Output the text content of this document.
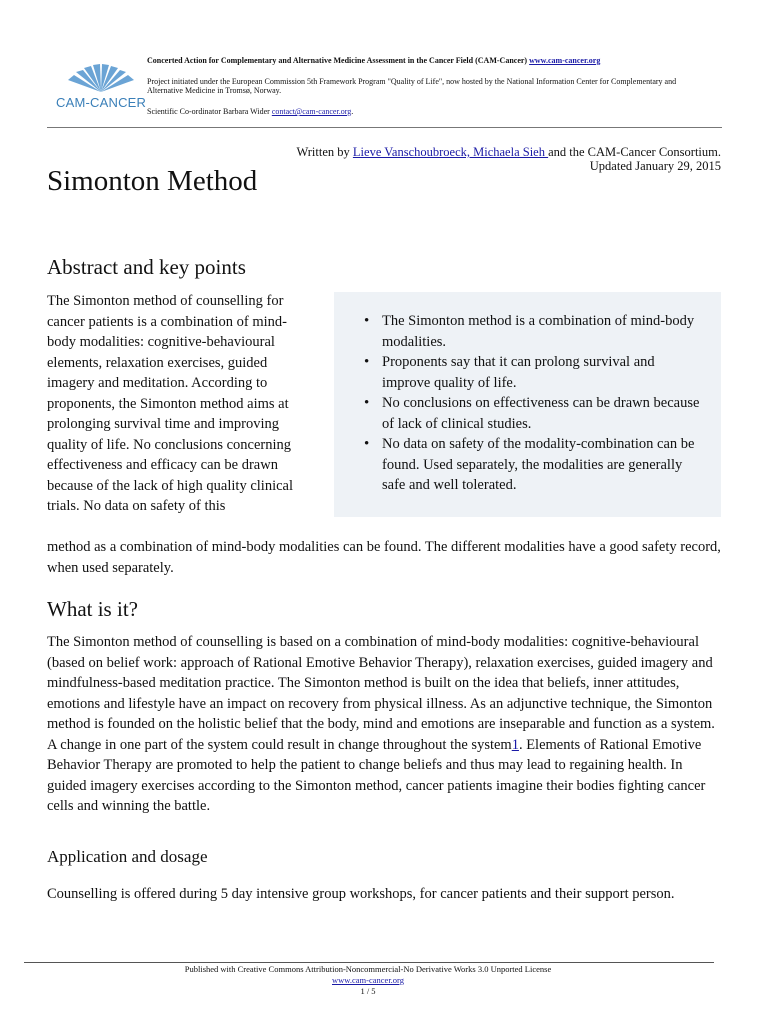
CAM-CANCER
Concerted Action for Complementary and Alternative Medicine Assessment in the Cancer Field (CAM-Cancer) www.cam-cancer.org
Project initiated under the European Commission 5th Framework Program "Quality of Life", now hosted by the National Information Center for Complementary and Alternative Medicine in Tromsø, Norway.
Scientific Co-ordinator Barbara Wider contact@cam-cancer.org.
Written by Lieve Vanschoubroeck, Michaela Sieh and the CAM-Cancer Consortium.
Updated January 29, 2015
Simonton Method
Abstract and key points
The Simonton method of counselling for cancer patients is a combination of mind-body modalities: cognitive-behavioural elements, relaxation exercises, guided imagery and meditation. According to proponents, the Simonton method aims at prolonging survival time and improving quality of life. No conclusions concerning effectiveness and efficacy can be drawn because of the lack of high quality clinical trials. No data on safety of this
• The Simonton method is a combination of mind-body modalities.
• Proponents say that it can prolong survival and improve quality of life.
• No conclusions on effectiveness can be drawn because of lack of clinical studies.
• No data on safety of the modality-combination can be found. Used separately, the modalities are generally safe and well tolerated.
method as a combination of mind-body modalities can be found. The different modalities have a good safety record, when used separately.
What is it?
The Simonton method of counselling is based on a combination of mind-body modalities: cognitive-behavioural (based on belief work: approach of Rational Emotive Behavior Therapy), relaxation exercises, guided imagery and mindfulness-based meditation practice. The Simonton method is built on the idea that beliefs, inner attitudes, emotions and lifestyle have an impact on recovery from physical illness. As an adjunctive technique, the Simonton method is founded on the holistic belief that the body, mind and emotions are inseparable and function as a system. A change in one part of the system could result in change throughout the system1. Elements of Rational Emotive Behavior Therapy are promoted to help the patient to change beliefs and thus may lead to regaining health. In guided imagery exercises according to the Simonton method, cancer patients imagine their bodies fighting cancer cells and winning the battle.
Application and dosage
Counselling is offered during 5 day intensive group workshops, for cancer patients and their support person.
Published with Creative Commons Attribution-Noncommercial-No Derivative Works 3.0 Unported License
www.cam-cancer.org
1 / 5
